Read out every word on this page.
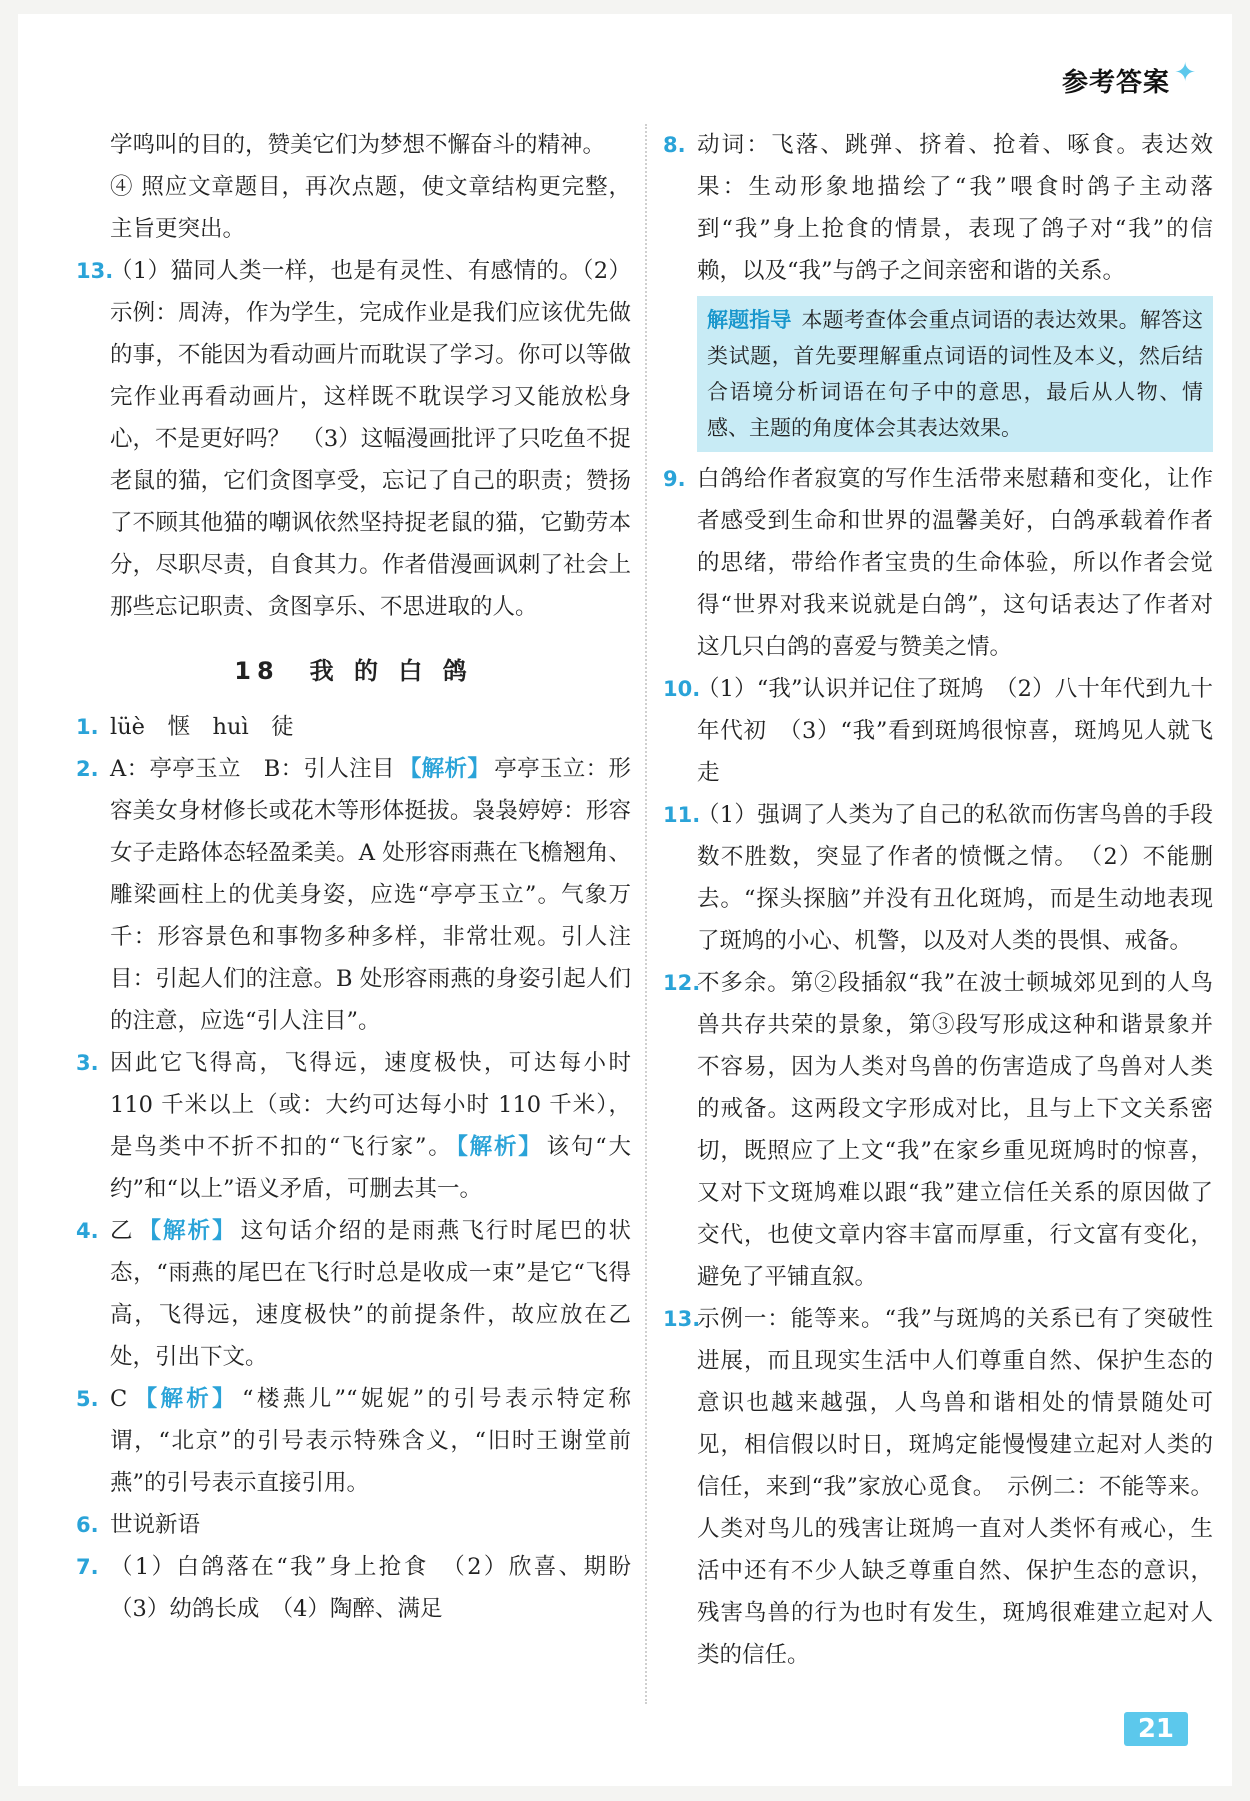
参考答案 ✦
学鸣叫的目的，赞美它们为梦想不懈奋斗的精神。
④ 照应文章题目，再次点题，使文章结构更完整，主旨更突出。
13.
（1）猫同人类一样，也是有灵性、有感情的。（2）示例：周涛，作为学生，完成作业是我们应该优先做的事，不能因为看动画片而耽误了学习。你可以等做完作业再看动画片，这样既不耽误学习又能放松身心，不是更好吗？　（3）这幅漫画批评了只吃鱼不捉老鼠的猫，它们贪图享受，忘记了自己的职责；赞扬了不顾其他猫的嘲讽依然坚持捉老鼠的猫，它勤劳本分，尽职尽责，自食其力。作者借漫画讽刺了社会上那些忘记职责、贪图享乐、不思进取的人。
18　我 的 白 鸽
1. lüè　惬　huì　徒
2. A：亭亭玉立　B：引人注目 【解析】 亭亭玉立：形容美女身材修长或花木等形体挺拔。袅袅婷婷：形容女子走路体态轻盈柔美。A 处形容雨燕在飞檐翘角、雕梁画柱上的优美身姿，应选“亭亭玉立”。气象万千：形容景色和事物多种多样，非常壮观。引人注目：引起人们的注意。B 处形容雨燕的身姿引起人们的注意，应选“引人注目”。
3. 因此它飞得高，飞得远，速度极快，可达每小时 110 千米以上（或：大约可达每小时 110 千米），是鸟类中不折不扣的“飞行家”。 【解析】 该句“大约”和“以上”语义矛盾，可删去其一。
4. 乙 【解析】 这句话介绍的是雨燕飞行时尾巴的状态，“雨燕的尾巴在飞行时总是收成一束”是它“飞得高，飞得远，速度极快”的前提条件，故应放在乙处，引出下文。
5. C 【解析】 “楼燕儿”“妮妮”的引号表示特定称谓，“北京”的引号表示特殊含义，“旧时王谢堂前燕”的引号表示直接引用。
6. 世说新语
7. （1）白鸽落在“我”身上抢食　（2）欣喜、期盼　（3）幼鸽长成　（4）陶醉、满足
8. 动词：飞落、跳弹、挤着、抢着、啄食。表达效果：生动形象地描绘了“我”喂食时鸽子主动落到“我”身上抢食的情景，表现了鸽子对“我”的信赖，以及“我”与鸽子之间亲密和谐的关系。
解题指导 本题考查体会重点词语的表达效果。解答这类试题，首先要理解重点词语的词性及本义，然后结合语境分析词语在句子中的意思，最后从人物、情感、主题的角度体会其表达效果。
9. 白鸽给作者寂寞的写作生活带来慰藉和变化，让作者感受到生命和世界的温馨美好，白鸽承载着作者的思绪，带给作者宝贵的生命体验，所以作者会觉得“世界对我来说就是白鸽”，这句话表达了作者对这几只白鸽的喜爱与赞美之情。
10.
（1）“我”认识并记住了斑鸠　（2）八十年代到九十年代初　（3）“我”看到斑鸠很惊喜，斑鸠见人就飞走
11.
（1）强调了人类为了自己的私欲而伤害鸟兽的手段数不胜数，突显了作者的愤慨之情。　（2）不能删去。“探头探脑”并没有丑化斑鸠，而是生动地表现了斑鸠的小心、机警，以及对人类的畏惧、戒备。
12.
不多余。第②段插叙“我”在波士顿城郊见到的人鸟兽共存共荣的景象，第③段写形成这种和谐景象并不容易，因为人类对鸟兽的伤害造成了鸟兽对人类的戒备。这两段文字形成对比，且与上下文关系密切，既照应了上文“我”在家乡重见斑鸠时的惊喜，又对下文斑鸠难以跟“我”建立信任关系的原因做了交代，也使文章内容丰富而厚重，行文富有变化，避免了平铺直叙。
13.
示例一：能等来。“我”与斑鸠的关系已有了突破性进展，而且现实生活中人们尊重自然、保护生态的意识也越来越强，人鸟兽和谐相处的情景随处可见，相信假以时日，斑鸠定能慢慢建立起对人类的信任，来到“我”家放心觅食。　示例二：不能等来。人类对鸟儿的残害让斑鸠一直对人类怀有戒心，生活中还有不少人缺乏尊重自然、保护生态的意识，残害鸟兽的行为也时有发生，斑鸠很难建立起对人类的信任。
21
